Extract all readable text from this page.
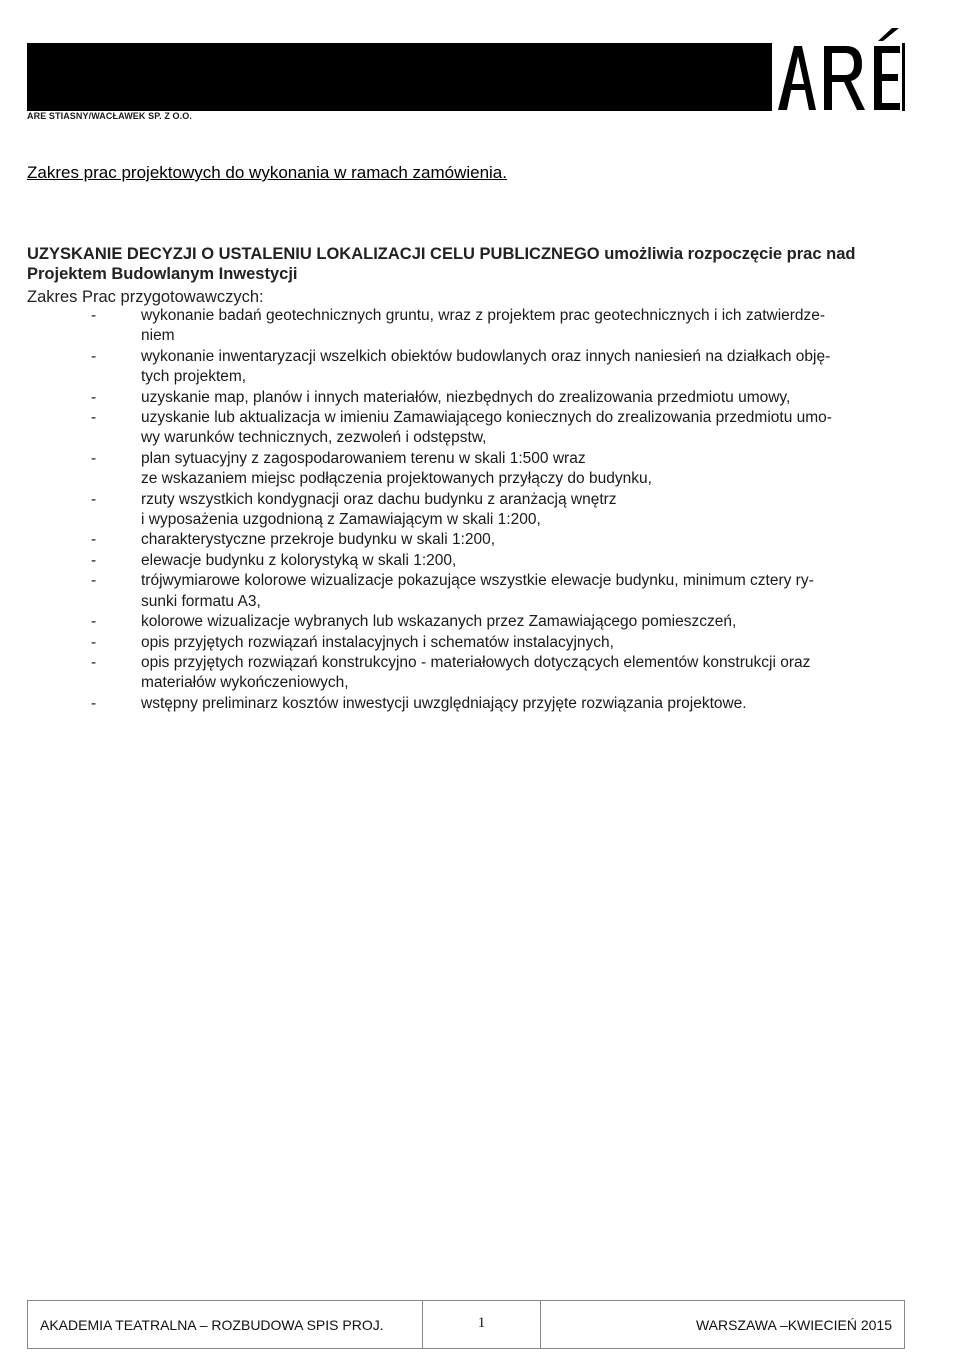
ARE STIASNY/WACŁAWEK SP. Z O.O.
Zakres prac projektowych do wykonania w ramach zamówienia.
UZYSKANIE DECYZJI O USTALENIU LOKALIZACJI CELU PUBLICZNEGO umożliwia rozpoczęcie prac nad Projektem Budowlanym Inwestycji
Zakres Prac przygotowawczych:
-	wykonanie badań geotechnicznych gruntu, wraz z projektem prac geotechnicznych i ich zatwierdze-
niem
-	wykonanie inwentaryzacji wszelkich obiektów budowlanych oraz innych naniesień na działkach obję-
tych projektem,
-	uzyskanie map, planów i innych materiałów, niezbędnych do zrealizowania przedmiotu umowy,
-	uzyskanie lub aktualizacja w imieniu Zamawiającego koniecznych do zrealizowania przedmiotu umo-
wy warunków technicznych, zezwoleń i odstępstw,
-	plan sytuacyjny z zagospodarowaniem terenu w skali 1:500 wraz
ze wskazaniem miejsc podłączenia projektowanych przyłączy do budynku,
-	rzuty wszystkich kondygnacji oraz dachu budynku z aranżacją wnętrz
i wyposażenia uzgodnioną z Zamawiającym w skali 1:200,
-	charakterystyczne przekroje budynku w skali 1:200,
-	elewacje budynku z kolorystyką w skali 1:200,
-	trójwymiarowe kolorowe wizualizacje pokazujące wszystkie elewacje budynku, minimum cztery ry-
sunki formatu A3,
-	kolorowe wizualizacje wybranych lub wskazanych przez Zamawiającego pomieszczeń,
-	opis przyjętych rozwiązań instalacyjnych i schematów instalacyjnych,
-	opis przyjętych rozwiązań konstrukcyjno - materiałowych dotyczących elementów konstrukcji oraz
materiałów wykończeniowych,
-	wstępny preliminarz kosztów inwestycji uwzględniający przyjęte rozwiązania projektowe.
AKADEMIA TEATRALNA – ROZBUDOWA SPIS PROJ.	1	WARSZAWA –KWIECIEŃ 2015
